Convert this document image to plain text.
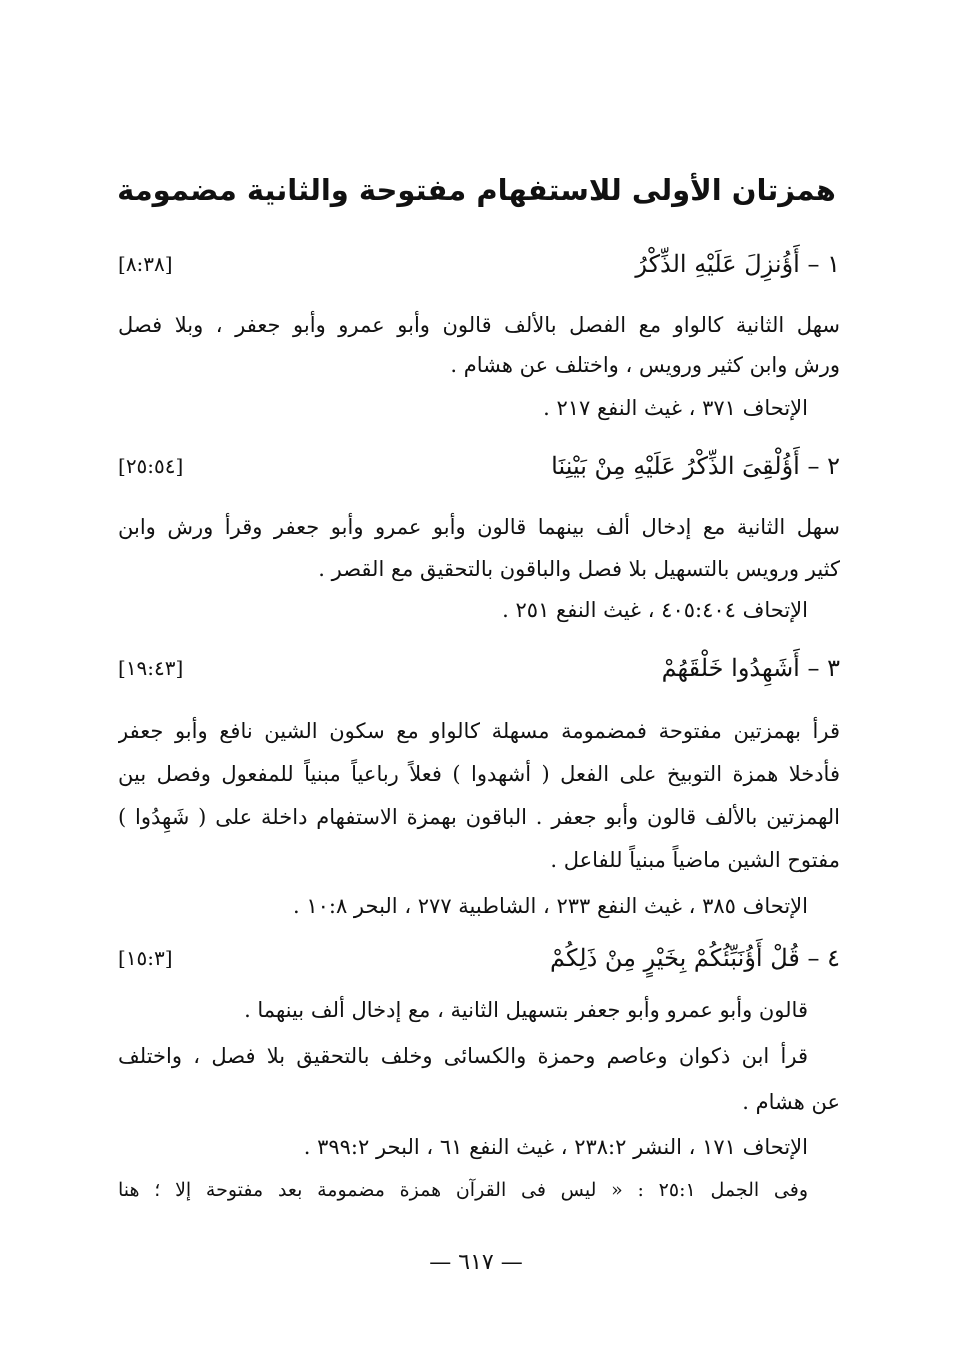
همزتان الأولى للاستفهام مفتوحة والثانية مضمومة
١ – أَؤُنزِلَ عَلَيْهِ الذِّكْرُ
[٨:٣٨]
سهل الثانية كالواو مع الفصل بالألف قالون وأبو عمرو وأبو جعفر ، وبلا فصل
ورش وابن كثير ورويس ، واختلف عن هشام .
الإتحاف ٣٧١ ، غيث النفع ٢١٧ .
٢ – أَؤُلْقِىَ الذِّكْرُ عَلَيْهِ مِنْ بَيْنِنَا
[٢٥:٥٤]
سهل الثانية مع إدخال ألف بينهما قالون وأبو عمرو وأبو جعفر وقرأ ورش وابن
كثير ورويس بالتسهيل بلا فصل والباقون بالتحقيق مع القصر .
الإتحاف ٤٠٥:٤٠٤ ، غيث النفع ٢٥١ .
٣ – أَشَهِدُوا خَلْقَهُمْ
[١٩:٤٣]
قرأ بهمزتين مفتوحة فمضمومة مسهلة كالواو مع سكون الشين نافع وأبو جعفر
فأدخلا همزة التوبيخ على الفعل ( أشهدوا ) فعلاً رباعياً مبنياً للمفعول وفصل بين
الهمزتين بالألف قالون وأبو جعفر . الباقون بهمزة الاستفهام داخلة على ( شَهِدُوا )
مفتوح الشين ماضياً مبنياً للفاعل .
الإتحاف ٣٨٥ ، غيث النفع ٢٣٣ ، الشاطبية ٢٧٧ ، البحر ١٠:٨ .
٤ – قُلْ أَؤُنَبِّئُكُمْ بِخَيْرٍ مِنْ ذَلِكُمْ
[١٥:٣]
قالون وأبو عمرو وأبو جعفر بتسهيل الثانية ، مع إدخال ألف بينهما .
قرأ ابن ذكوان وعاصم وحمزة والكسائى وخلف بالتحقيق بلا فصل ، واختلف
عن هشام .
الإتحاف ١٧١ ، النشر ٢٣٨:٢ ، غيث النفع ٦١ ، البحر ٣٩٩:٢ .
وفى الجمل ٢٥:١ : « ليس فى القرآن همزة مضمومة بعد مفتوحة إلا ؛ هنا
— ٦١٧ —
